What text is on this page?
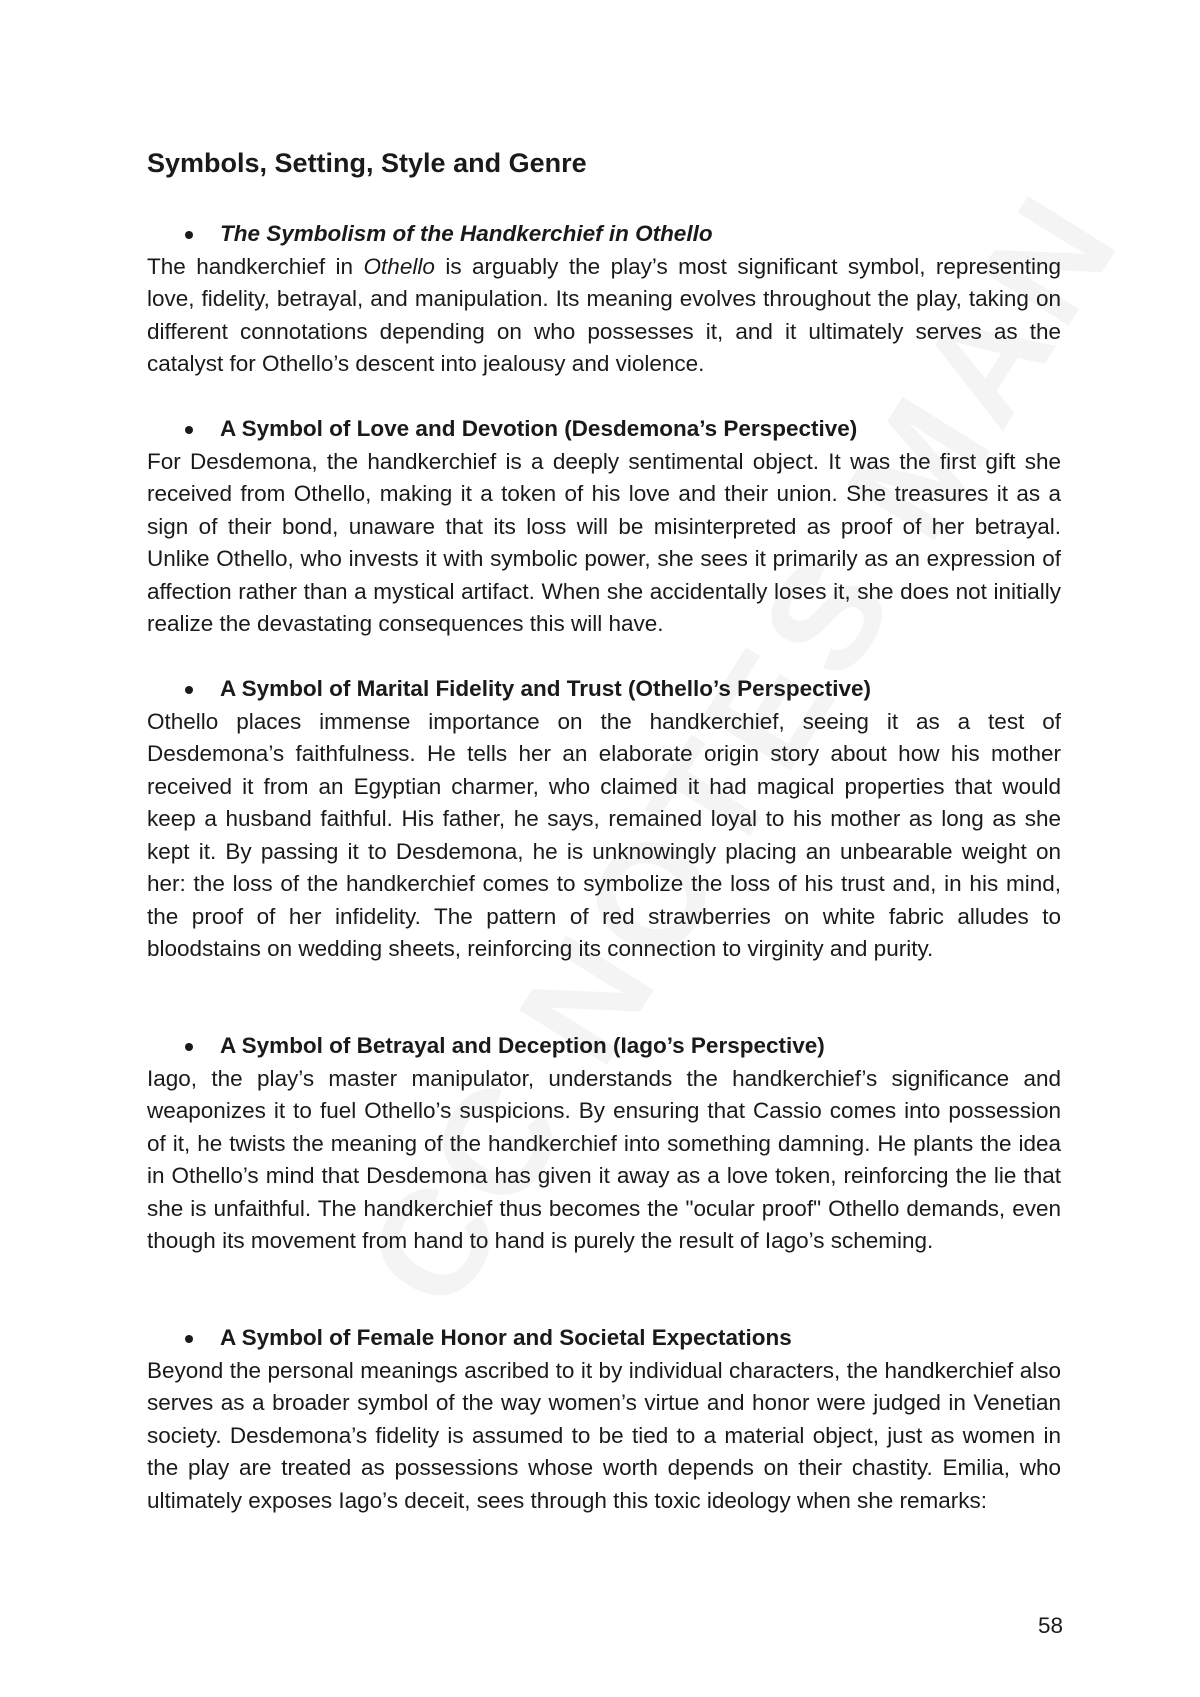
Symbols, Setting, Style and Genre
The Symbolism of the Handkerchief in Othello

The handkerchief in Othello is arguably the play’s most significant symbol, representing love, fidelity, betrayal, and manipulation. Its meaning evolves throughout the play, taking on different connotations depending on who possesses it, and it ultimately serves as the catalyst for Othello’s descent into jealousy and violence.

A Symbol of Love and Devotion (Desdemona’s Perspective)

For Desdemona, the handkerchief is a deeply sentimental object. It was the first gift she received from Othello, making it a token of his love and their union. She treasures it as a sign of their bond, unaware that its loss will be misinterpreted as proof of her betrayal. Unlike Othello, who invests it with symbolic power, she sees it primarily as an expression of affection rather than a mystical artifact. When she accidentally loses it, she does not initially realize the devastating consequences this will have.

A Symbol of Marital Fidelity and Trust (Othello’s Perspective)

Othello places immense importance on the handkerchief, seeing it as a test of Desdemona’s faithfulness. He tells her an elaborate origin story about how his mother received it from an Egyptian charmer, who claimed it had magical properties that would keep a husband faithful. His father, he says, remained loyal to his mother as long as she kept it. By passing it to Desdemona, he is unknowingly placing an unbearable weight on her: the loss of the handkerchief comes to symbolize the loss of his trust and, in his mind, the proof of her infidelity. The pattern of red strawberries on white fabric alludes to bloodstains on wedding sheets, reinforcing its connection to virginity and purity.

A Symbol of Betrayal and Deception (Iago’s Perspective)

Iago, the play’s master manipulator, understands the handkerchief’s significance and weaponizes it to fuel Othello’s suspicions. By ensuring that Cassio comes into possession of it, he twists the meaning of the handkerchief into something damning. He plants the idea in Othello’s mind that Desdemona has given it away as a love token, reinforcing the lie that she is unfaithful. The handkerchief thus becomes the "ocular proof" Othello demands, even though its movement from hand to hand is purely the result of Iago’s scheming.

A Symbol of Female Honor and Societal Expectations

Beyond the personal meanings ascribed to it by individual characters, the handkerchief also serves as a broader symbol of the way women’s virtue and honor were judged in Venetian society. Desdemona’s fidelity is assumed to be tied to a material object, just as women in the play are treated as possessions whose worth depends on their chastity. Emilia, who ultimately exposes Iago’s deceit, sees through this toxic ideology when she remarks:

58
